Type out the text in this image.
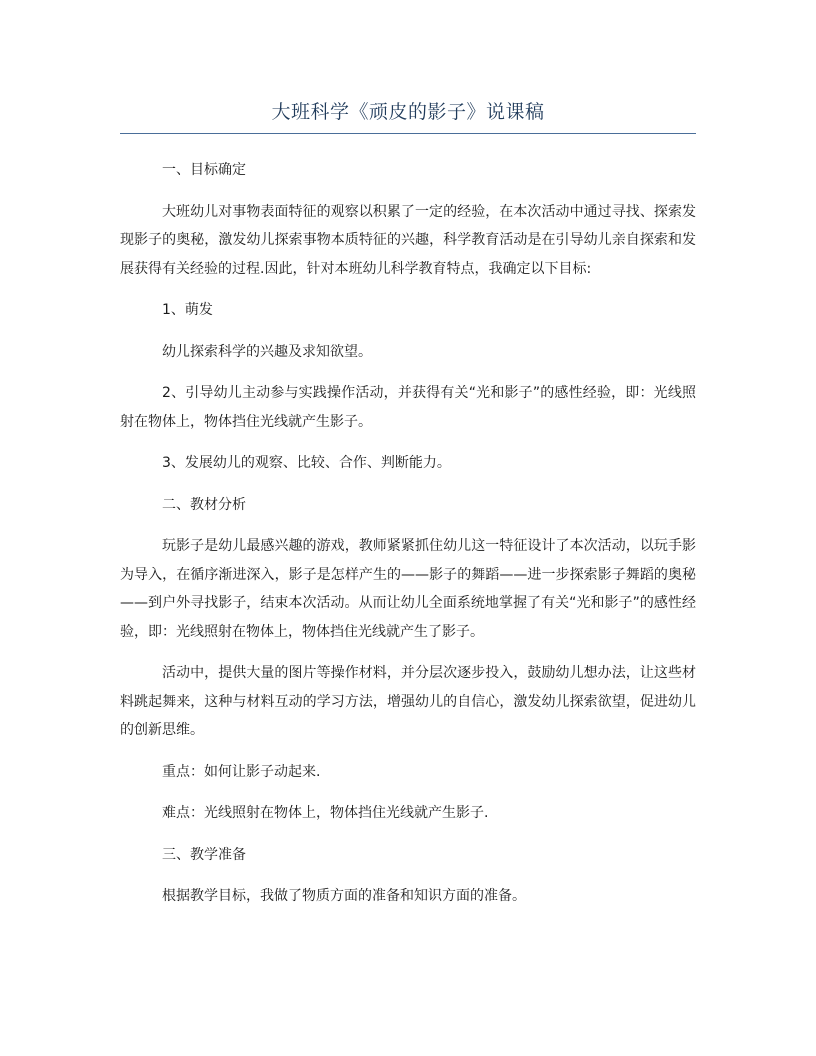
大班科学《顽皮的影子》说课稿

一、目标确定

大班幼儿对事物表面特征的观察以积累了一定的经验，在本次活动中通过寻找、探索发现影子的奥秘，激发幼儿探索事物本质特征的兴趣，科学教育活动是在引导幼儿亲自探索和发展获得有关经验的过程.因此，针对本班幼儿科学教育特点，我确定以下目标:

1、萌发

幼儿探索科学的兴趣及求知欲望。

2、引导幼儿主动参与实践操作活动，并获得有关“光和影子”的感性经验，即：光线照射在物体上，物体挡住光线就产生影子。

3、发展幼儿的观察、比较、合作、判断能力。

二、教材分析

玩影子是幼儿最感兴趣的游戏，教师紧紧抓住幼儿这一特征设计了本次活动，以玩手影为导入，在循序渐进深入，影子是怎样产生的——影子的舞蹈——进一步探索影子舞蹈的奥秘——到户外寻找影子，结束本次活动。从而让幼儿全面系统地掌握了有关“光和影子”的感性经验，即：光线照射在物体上，物体挡住光线就产生了影子。

活动中，提供大量的图片等操作材料，并分层次逐步投入，鼓励幼儿想办法，让这些材料跳起舞来，这种与材料互动的学习方法，增强幼儿的自信心，激发幼儿探索欲望，促进幼儿的创新思维。

重点：如何让影子动起来.

难点：光线照射在物体上，物体挡住光线就产生影子.

三、教学准备

根据教学目标，我做了物质方面的准备和知识方面的准备。
